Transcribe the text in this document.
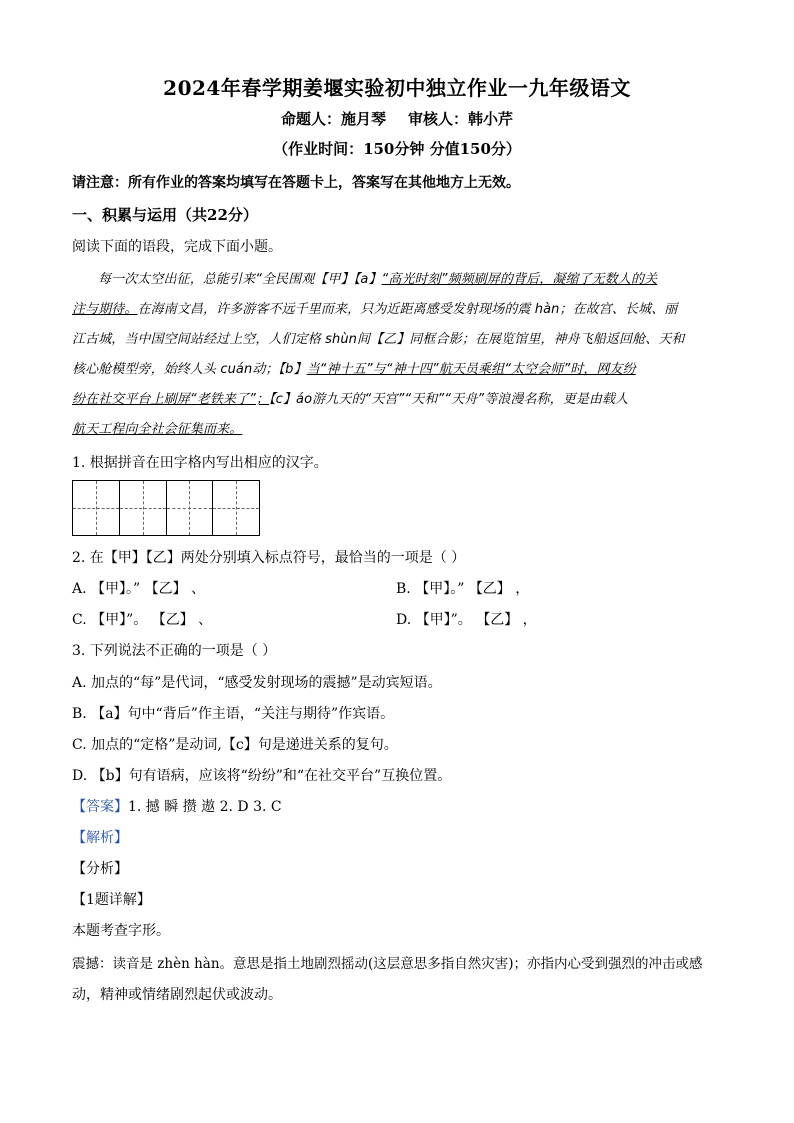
2024年春学期姜堰实验初中独立作业一九年级语文
命题人：施月琴 审核人：韩小芹
（作业时间：150分钟 分值150分）
请注意：所有作业的答案均填写在答题卡上，答案写在其他地方上无效。
一、积累与运用（共22分）
阅读下面的语段，完成下面小题。
每一次太空出征，总能引来“全民围观【甲】【a】“高光时刻”频频刷屏的背后，凝缩了无数人的关
注与期待。在海南文昌，许多游客不远千里而来，只为近距离感受发射现场的震 hàn；在故宫、长城、丽
江古城，当中国空间站经过上空，人们定格 shùn间【乙】同框合影；在展览馆里，神舟飞船返回舱、天和
核心舱模型旁，始终人头 cuán动；【b】当“神十五”与“神十四”航天员乘组“太空会师”时，网友纷
纷在社交平台上刷屏“老铁来了”；【c】áo游九天的“天宫”“天和”“天舟”等浪漫名称，更是由载人
航天工程向全社会征集而来。
1. 根据拼音在田字格内写出相应的汉字。
2. 在【甲】【乙】两处分别填入标点符号，最恰当的一项是（ ）
A. 【甲】。” 【乙】 、	B. 【甲】。” 【乙】 ，
C. 【甲】”。 【乙】 、	D. 【甲】”。 【乙】 ，
3. 下列说法不正确的一项是（ ）
A. 加点的“每”是代词，“感受发射现场的震撼”是动宾短语。
B. 【a】句中“背后”作主语，“关注与期待”作宾语。
C. 加点的“定格”是动词,【c】句是递进关系的复句。
D. 【b】句有语病，应该将“纷纷”和“在社交平台”互换位置。
【答案】1. 撼 瞬 攒 遨 2. D 3. C
【解析】
【分析】
【1题详解】
本题考查字形。
震撼：读音是 zhèn hàn。意思是指土地剧烈摇动(这层意思多指自然灾害)；亦指内心受到强烈的冲击或感
动，精神或情绪剧烈起伏或波动。
